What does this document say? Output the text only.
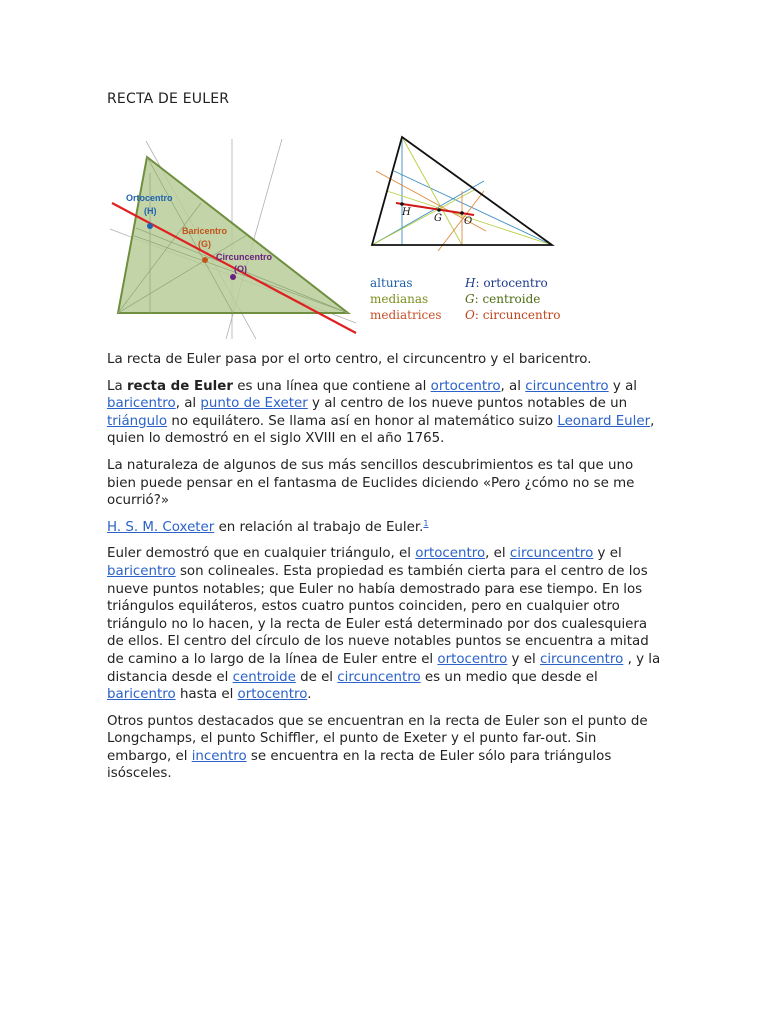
RECTA DE EULER
Ortocentro
(H)
Baricentro
(G)
Circuncentro
(O)
H
G O
alturas	H: ortocentro
medianas	G: centroide
mediatrices O: circuncentro

La recta de Euler pasa por el orto centro, el circuncentro y el baricentro.

La recta de Euler es una línea que contiene al ortocentro, al circuncentro y al baricentro, al punto de Exeter y al centro de los nueve puntos notables de un triángulo no equilátero. Se llama así en honor al matemático suizo Leonard Euler, quien lo demostró en el siglo XVIII en el año 1765.

La naturaleza de algunos de sus más sencillos descubrimientos es tal que uno bien puede pensar en el fantasma de Euclides diciendo «Pero ¿cómo no se me ocurrió?»

H. S. M. Coxeter en relación al trabajo de Euler.$^1$

Euler demostró que en cualquier triángulo, el ortocentro, el circuncentro y el baricentro son colineales. Esta propiedad es también cierta para el centro de los nueve puntos notables; que Euler no había demostrado para ese tiempo. En los triángulos equiláteros, estos cuatro puntos coinciden, pero en cualquier otro triángulo no lo hacen, y la recta de Euler está determinado por dos cualesquiera de ellos. El centro del círculo de los nueve notables puntos se encuentra a mitad de camino a lo largo de la línea de Euler entre el ortocentro y el circuncentro , y la distancia desde el centroide de el circuncentro es un medio que desde el baricentro hasta el ortocentro.

Otros puntos destacados que se encuentran en la recta de Euler son el punto de Longchamps, el punto Schiffler, el punto de Exeter y el punto far-out. Sin embargo, el incentro se encuentra en la recta de Euler sólo para triángulos isósceles.
